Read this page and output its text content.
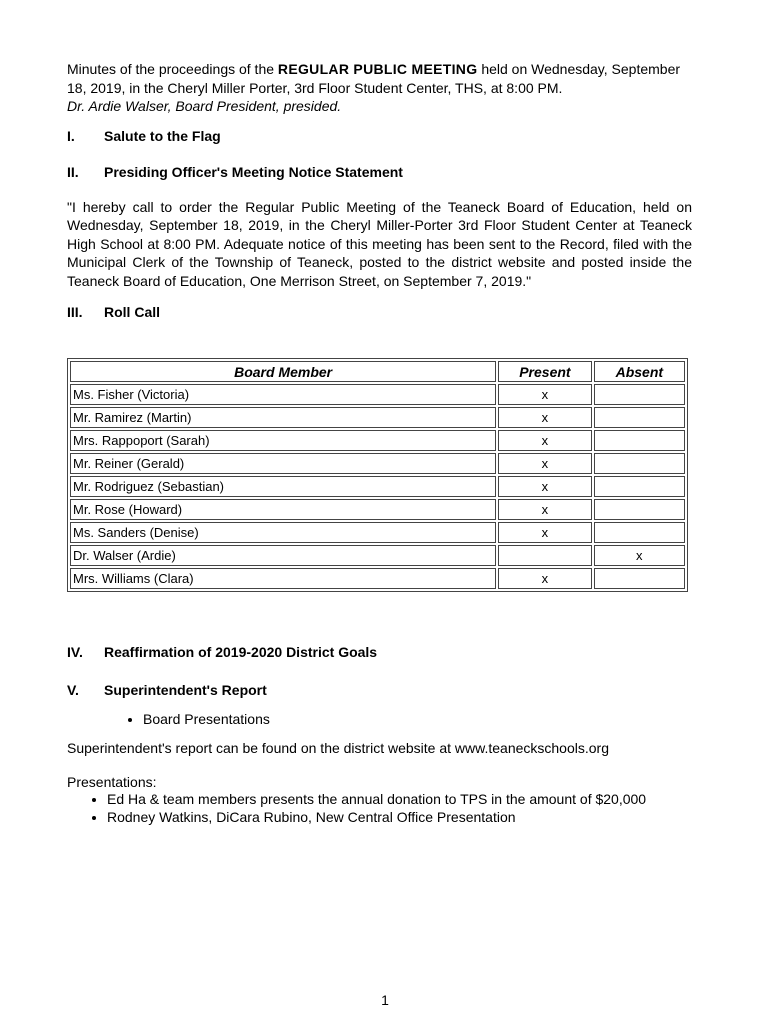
Minutes of the proceedings of the REGULAR PUBLIC MEETING held on Wednesday, September 18, 2019, in the Cheryl Miller Porter, 3rd Floor Student Center, THS, at 8:00 PM.
Dr. Ardie Walser, Board President, presided.

I.	Salute to the Flag
II.	Presiding Officer's Meeting Notice Statement

"I hereby call to order the Regular Public Meeting of the Teaneck Board of Education, held on Wednesday, September 18, 2019, in the Cheryl Miller-Porter 3rd Floor Student Center at Teaneck High School at 8:00 PM. Adequate notice of this meeting has been sent to the Record, filed with the Municipal Clerk of the Township of Teaneck, posted to the district website and posted inside the Teaneck Board of Education, One Merrison Street, on September 7, 2019."

III.	Roll Call
Board Member	Present	Absent
Ms. Fisher (Victoria)	x	
Mr. Ramirez (Martin)	x	
Mrs. Rappoport (Sarah)	x	
Mr. Reiner (Gerald)	x	
Mr. Rodriguez (Sebastian)	x	
Mr. Rose (Howard)	x	
Ms. Sanders (Denise)	x	
Dr. Walser (Ardie)		x
Mrs. Williams (Clara)	x	
IV.	Reaffirmation of 2019-2020 District Goals
V.	Superintendent's Report
• Board Presentations

Superintendent's report can be found on the district website at www.teaneckschools.org

Presentations:

• Ed Ha & team members presents the annual donation to TPS in the amount of $20,000
• Rodney Watkins, DiCara Rubino, New Central Office Presentation
1
